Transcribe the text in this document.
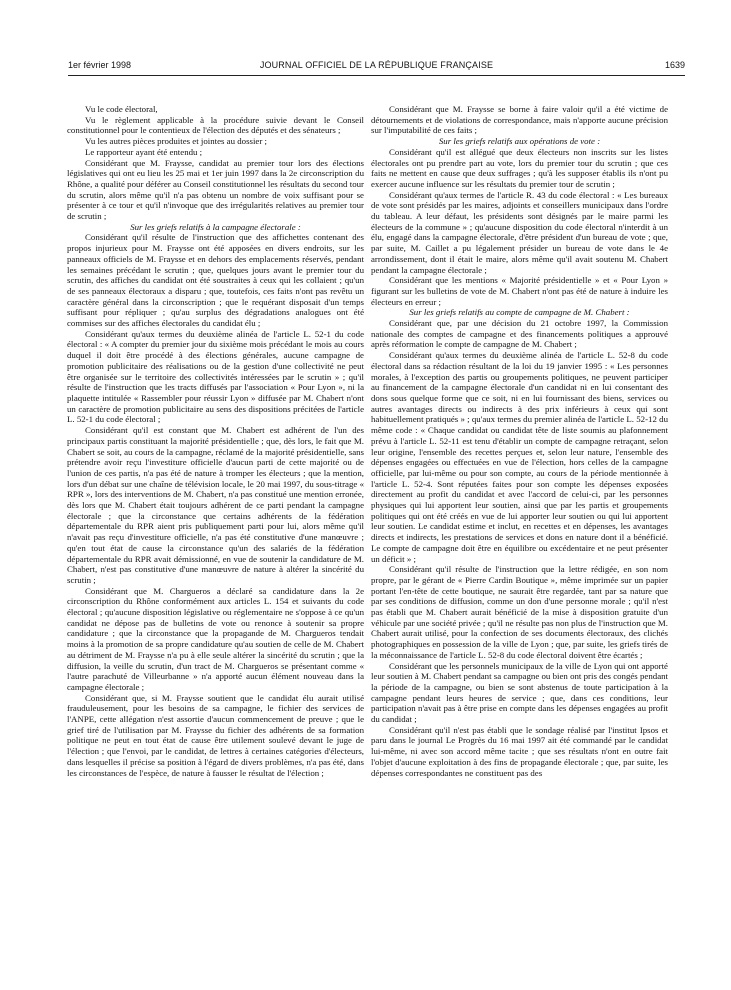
1er février 1998	JOURNAL OFFICIEL DE LA RÉPUBLIQUE FRANÇAISE	1639

Vu le code électoral,

Vu le règlement applicable à la procédure suivie devant le Conseil constitutionnel pour le contentieux de l'élection des députés et des sénateurs ;

Vu les autres pièces produites et jointes au dossier ;

Le rapporteur ayant été entendu ;

Considérant que M. Fraysse, candidat au premier tour lors des élections législatives qui ont eu lieu les 25 mai et 1er juin 1997 dans la 2e circonscription du Rhône, a qualité pour déférer au Conseil constitutionnel les résultats du second tour du scrutin, alors même qu'il n'a pas obtenu un nombre de voix suffisant pour se présenter à ce tour et qu'il n'invoque que des irrégularités relatives au premier tour de scrutin ;

Sur les griefs relatifs à la campagne électorale :

Considérant qu'il résulte de l'instruction que des affichettes contenant des propos injurieux pour M. Fraysse ont été apposées en divers endroits, sur les panneaux officiels de M. Fraysse et en dehors des emplacements réservés, pendant les semaines précédant le scrutin ; que, quelques jours avant le premier tour du scrutin, des affiches du candidat ont été soustraites à ceux qui les collaient ; qu'un de ses panneaux électoraux a disparu ; que, toutefois, ces faits n'ont pas revêtu un caractère général dans la circonscription ; que le requérant disposait d'un temps suffisant pour répliquer ; qu'au surplus des dégradations analogues ont été commises sur des affiches électorales du candidat élu ;

Considérant qu'aux termes du deuxième alinéa de l'article L. 52-1 du code électoral : « A compter du premier jour du sixième mois précédant le mois au cours duquel il doit être procédé à des élections générales, aucune campagne de promotion publicitaire des réalisations ou de la gestion d'une collectivité ne peut être organisée sur le territoire des collectivités intéressées par le scrutin » ; qu'il résulte de l'instruction que les tracts diffusés par l'association « Pour Lyon », ni la plaquette intitulée « Rassembler pour réussir Lyon » diffusée par M. Chabert n'ont un caractère de promotion publicitaire au sens des dispositions précitées de l'article L. 52-1 du code électoral ;

Considérant qu'il est constant que M. Chabert est adhérent de l'un des principaux partis constituant la majorité présidentielle ; que, dès lors, le fait que M. Chabert se soit, au cours de la campagne, réclamé de la majorité présidentielle, sans prétendre avoir reçu l'investiture officielle d'aucun parti de cette majorité ou de l'union de ces partis, n'a pas été de nature à tromper les électeurs ; que la mention, lors d'un débat sur une chaîne de télévision locale, le 20 mai 1997, du sous-titrage « RPR », lors des interventions de M. Chabert, n'a pas constitué une mention erronée, dès lors que M. Chabert était toujours adhérent de ce parti pendant la campagne électorale ; que la circonstance que certains adhérents de la fédération départementale du RPR aient pris publiquement parti pour lui, alors même qu'il n'avait pas reçu d'investiture officielle, n'a pas été constitutive d'une manœuvre ; qu'en tout état de cause la circonstance qu'un des salariés de la fédération départementale du RPR avait démissionné, en vue de soutenir la candidature de M. Chabert, n'est pas constitutive d'une manœuvre de nature à altérer la sincérité du scrutin ;

Considérant que M. Chargueros a déclaré sa candidature dans la 2e circonscription du Rhône conformément aux articles L. 154 et suivants du code électoral ; qu'aucune disposition législative ou réglementaire ne s'oppose à ce qu'un candidat ne dépose pas de bulletins de vote ou renonce à soutenir sa propre candidature ; que la circonstance que la propagande de M. Chargueros tendait moins à la promotion de sa propre candidature qu'au soutien de celle de M. Chabert au détriment de M. Fraysse n'a pu à elle seule altérer la sincérité du scrutin ; que la diffusion, la veille du scrutin, d'un tract de M. Chargueros se présentant comme « l'autre parachuté de Villeurbanne » n'a apporté aucun élément nouveau dans la campagne électorale ;

Considérant que, si M. Fraysse soutient que le candidat élu aurait utilisé frauduleusement, pour les besoins de sa campagne, le fichier des services de l'ANPE, cette allégation n'est assortie d'aucun commencement de preuve ; que le grief tiré de l'utilisation par M. Fraysse du fichier des adhérents de sa formation politique ne peut en tout état de cause être utilement soulevé devant le juge de l'élection ; que l'envoi, par le candidat, de lettres à certaines catégories d'électeurs, dans lesquelles il précise sa position à l'égard de divers problèmes, n'a pas été, dans les circonstances de l'espèce, de nature à fausser le résultat de l'élection ;

Considérant que M. Fraysse se borne à faire valoir qu'il a été victime de détournements et de violations de correspondance, mais n'apporte aucune précision sur l'imputabilité de ces faits ;

Sur les griefs relatifs aux opérations de vote :

Considérant qu'il est allégué que deux électeurs non inscrits sur les listes électorales ont pu prendre part au vote, lors du premier tour du scrutin ; que ces faits ne mettent en cause que deux suffrages ; qu'à les supposer établis ils n'ont pu exercer aucune influence sur les résultats du premier tour de scrutin ;

Considérant qu'aux termes de l'article R. 43 du code électoral : « Les bureaux de vote sont présidés par les maires, adjoints et conseillers municipaux dans l'ordre du tableau. A leur défaut, les présidents sont désignés par le maire parmi les électeurs de la commune » ; qu'aucune disposition du code électoral n'interdit à un élu, engagé dans la campagne électorale, d'être président d'un bureau de vote ; que, par suite, M. Caillet a pu légalement présider un bureau de vote dans le 4e arrondissement, dont il était le maire, alors même qu'il avait soutenu M. Chabert pendant la campagne électorale ;

Considérant que les mentions « Majorité présidentielle » et « Pour Lyon » figurant sur les bulletins de vote de M. Chabert n'ont pas été de nature à induire les électeurs en erreur ;

Sur les griefs relatifs au compte de campagne de M. Chabert :

Considérant que, par une décision du 21 octobre 1997, la Commission nationale des comptes de campagne et des financements politiques a approuvé après réformation le compte de campagne de M. Chabert ;

Considérant qu'aux termes du deuxième alinéa de l'article L. 52-8 du code électoral dans sa rédaction résultant de la loi du 19 janvier 1995 : « Les personnes morales, à l'exception des partis ou groupements politiques, ne peuvent participer au financement de la campagne électorale d'un candidat ni en lui consentant des dons sous quelque forme que ce soit, ni en lui fournissant des biens, services ou autres avantages directs ou indirects à des prix inférieurs à ceux qui sont habituellement pratiqués » ; qu'aux termes du premier alinéa de l'article L. 52-12 du même code : « Chaque candidat ou candidat tête de liste soumis au plafonnement prévu à l'article L. 52-11 est tenu d'établir un compte de campagne retraçant, selon leur origine, l'ensemble des recettes perçues et, selon leur nature, l'ensemble des dépenses engagées ou effectuées en vue de l'élection, hors celles de la campagne officielle, par lui-même ou pour son compte, au cours de la période mentionnée à l'article L. 52-4. Sont réputées faites pour son compte les dépenses exposées directement au profit du candidat et avec l'accord de celui-ci, par les personnes physiques qui lui apportent leur soutien, ainsi que par les partis et groupements politiques qui ont été créés en vue de lui apporter leur soutien ou qui lui apportent leur soutien. Le candidat estime et inclut, en recettes et en dépenses, les avantages directs et indirects, les prestations de services et dons en nature dont il a bénéficié. Le compte de campagne doit être en équilibre ou excédentaire et ne peut présenter un déficit » ;

Considérant qu'il résulte de l'instruction que la lettre rédigée, en son nom propre, par le gérant de « Pierre Cardin Boutique », même imprimée sur un papier portant l'en-tête de cette boutique, ne saurait être regardée, tant par sa nature que par ses conditions de diffusion, comme un don d'une personne morale ; qu'il n'est pas établi que M. Chabert aurait bénéficié de la mise à disposition gratuite d'un véhicule par une société privée ; qu'il ne résulte pas non plus de l'instruction que M. Chabert aurait utilisé, pour la confection de ses documents électoraux, des clichés photographiques en possession de la ville de Lyon ; que, par suite, les griefs tirés de la méconnaissance de l'article L. 52-8 du code électoral doivent être écartés ;

Considérant que les personnels municipaux de la ville de Lyon qui ont apporté leur soutien à M. Chabert pendant sa campagne ou bien ont pris des congés pendant la période de la campagne, ou bien se sont abstenus de toute participation à la campagne pendant leurs heures de service ; que, dans ces conditions, leur participation n'avait pas à être prise en compte dans les dépenses engagées au profit du candidat ;

Considérant qu'il n'est pas établi que le sondage réalisé par l'institut Ipsos et paru dans le journal Le Progrès du 16 mai 1997 ait été commandé par le candidat lui-même, ni avec son accord même tacite ; que ses résultats n'ont en outre fait l'objet d'aucune exploitation à des fins de propagande électorale ; que, par suite, les dépenses correspondantes ne constituent pas des
